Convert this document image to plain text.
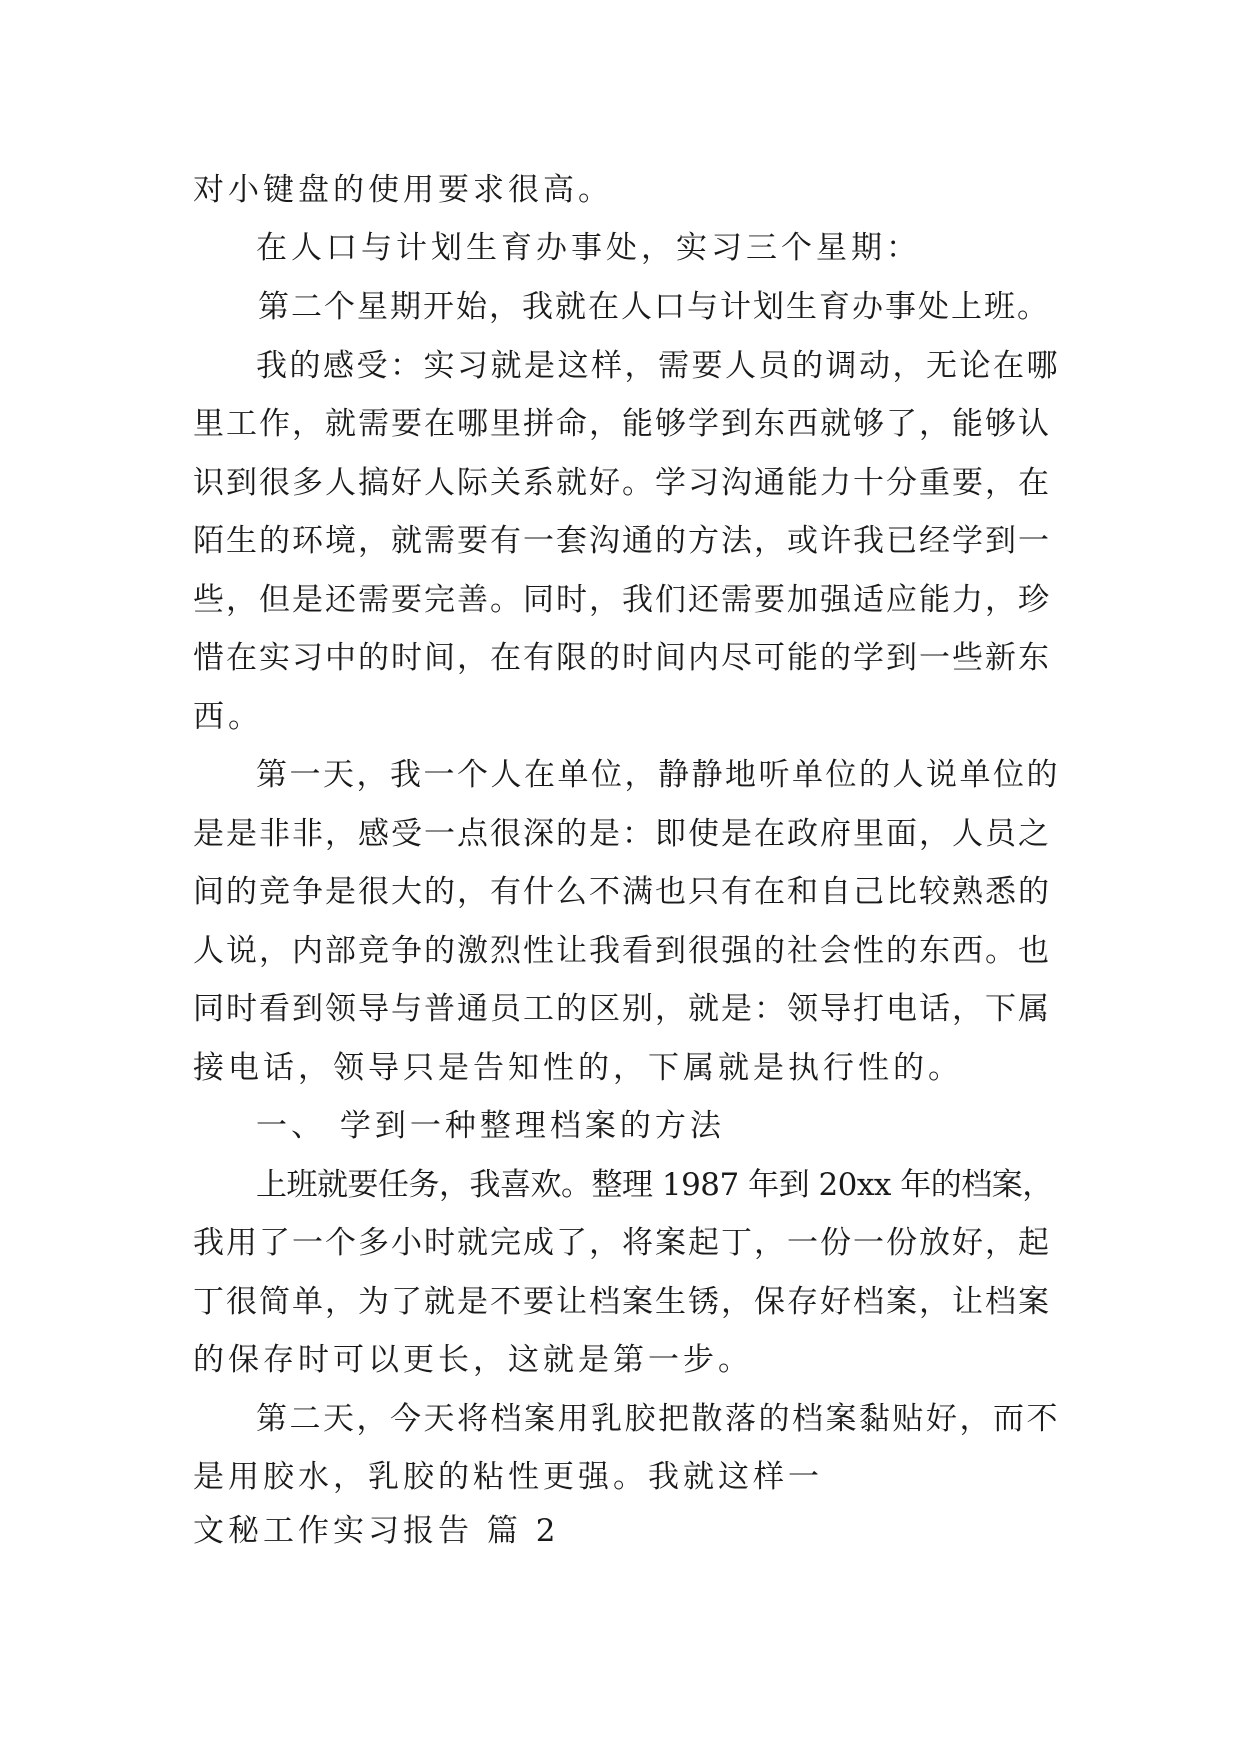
对小键盘的使用要求很高。
在人口与计划生育办事处，实习三个星期：
第二个星期开始，我就在人口与计划生育办事处上班。
我的感受：实习就是这样，需要人员的调动，无论在哪
里工作，就需要在哪里拼命，能够学到东西就够了，能够认
识到很多人搞好人际关系就好。学习沟通能力十分重要，在
陌生的环境，就需要有一套沟通的方法，或许我已经学到一
些，但是还需要完善。同时，我们还需要加强适应能力，珍
惜在实习中的时间，在有限的时间内尽可能的学到一些新东
西。
第一天，我一个人在单位，静静地听单位的人说单位的
是是非非，感受一点很深的是：即使是在政府里面，人员之
间的竞争是很大的，有什么不满也只有在和自己比较熟悉的
人说，内部竞争的激烈性让我看到很强的社会性的东西。也
同时看到领导与普通员工的区别，就是：领导打电话，下属
接电话，领导只是告知性的，下属就是执行性的。
一、 学到一种整理档案的方法
上班就要任务，我喜欢。整理 1987 年到 20xx 年的档案，
我用了一个多小时就完成了，将案起丁，一份一份放好，起
丁很简单，为了就是不要让档案生锈，保存好档案，让档案
的保存时可以更长，这就是第一步。
第二天，今天将档案用乳胶把散落的档案黏贴好，而不
是用胶水，乳胶的粘性更强。我就这样一
文秘工作实习报告 篇 2
